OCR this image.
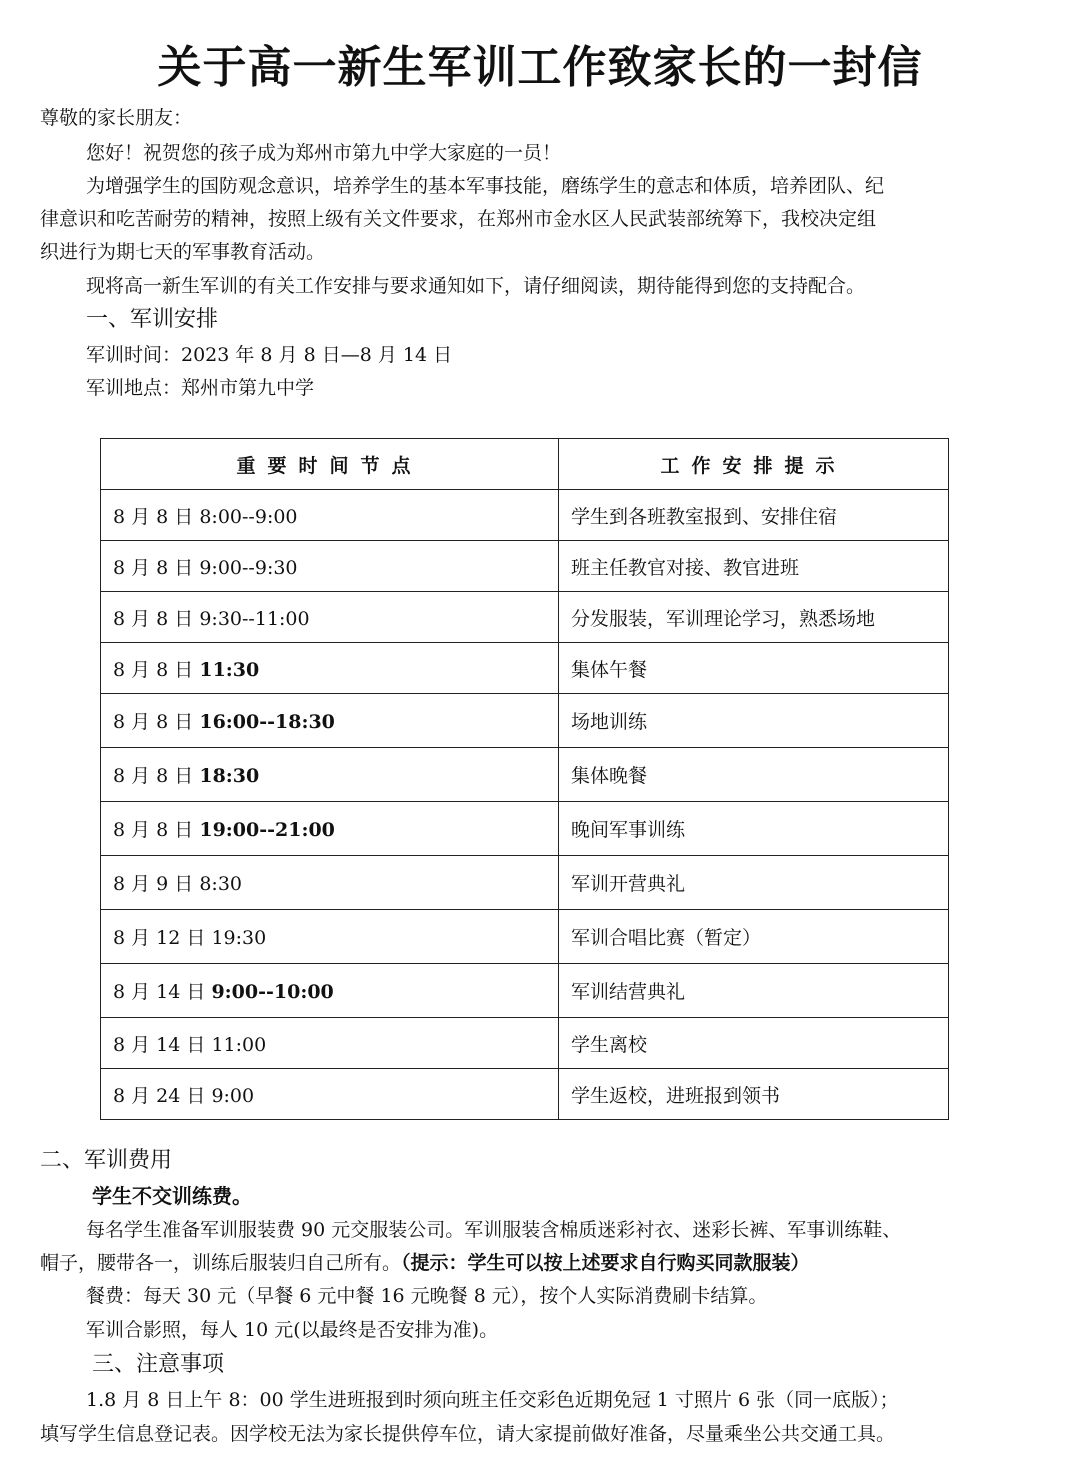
关于高一新生军训工作致家长的一封信
尊敬的家长朋友：
您好！祝贺您的孩子成为郑州市第九中学大家庭的一员！
为增强学生的国防观念意识，培养学生的基本军事技能，磨练学生的意志和体质，培养团队、纪
律意识和吃苦耐劳的精神，按照上级有关文件要求，在郑州市金水区人民武装部统筹下，我校决定组
织进行为期七天的军事教育活动。
现将高一新生军训的有关工作安排与要求通知如下，请仔细阅读，期待能得到您的支持配合。
一、军训安排
军训时间：2023 年 8 月 8 日—8 月 14 日
军训地点：郑州市第九中学
重要时间节点	工作安排提示
8 月 8 日 8:00--9:00	学生到各班教室报到、安排住宿
8 月 8 日 9:00--9:30	班主任教官对接、教官进班
8 月 8 日 9:30--11:00	分发服装，军训理论学习，熟悉场地
8 月 8 日 11:30	集体午餐
8 月 8 日 16:00--18:30	场地训练
8 月 8 日 18:30	集体晚餐
8 月 8 日 19:00--21:00	晚间军事训练
8 月 9 日 8:30	军训开营典礼
8 月 12 日 19:30	军训合唱比赛（暂定）
8 月 14 日 9:00--10:00	军训结营典礼
8 月 14 日 11:00	学生离校
8 月 24 日 9:00	学生返校，进班报到领书
二、军训费用
学生不交训练费。
每名学生准备军训服装费 90 元交服装公司。军训服装含棉质迷彩衬衣、迷彩长裤、军事训练鞋、
帽子，腰带各一，训练后服装归自己所有。（提示：学生可以按上述要求自行购买同款服装）
餐费：每天 30 元（早餐 6 元中餐 16 元晚餐 8 元），按个人实际消费刷卡结算。
军训合影照，每人 10 元(以最终是否安排为准)。
三、注意事项
1.8 月 8 日上午 8：00 学生进班报到时须向班主任交彩色近期免冠 1 寸照片 6 张（同一底版）；
填写学生信息登记表。因学校无法为家长提供停车位，请大家提前做好准备，尽量乘坐公共交通工具。
